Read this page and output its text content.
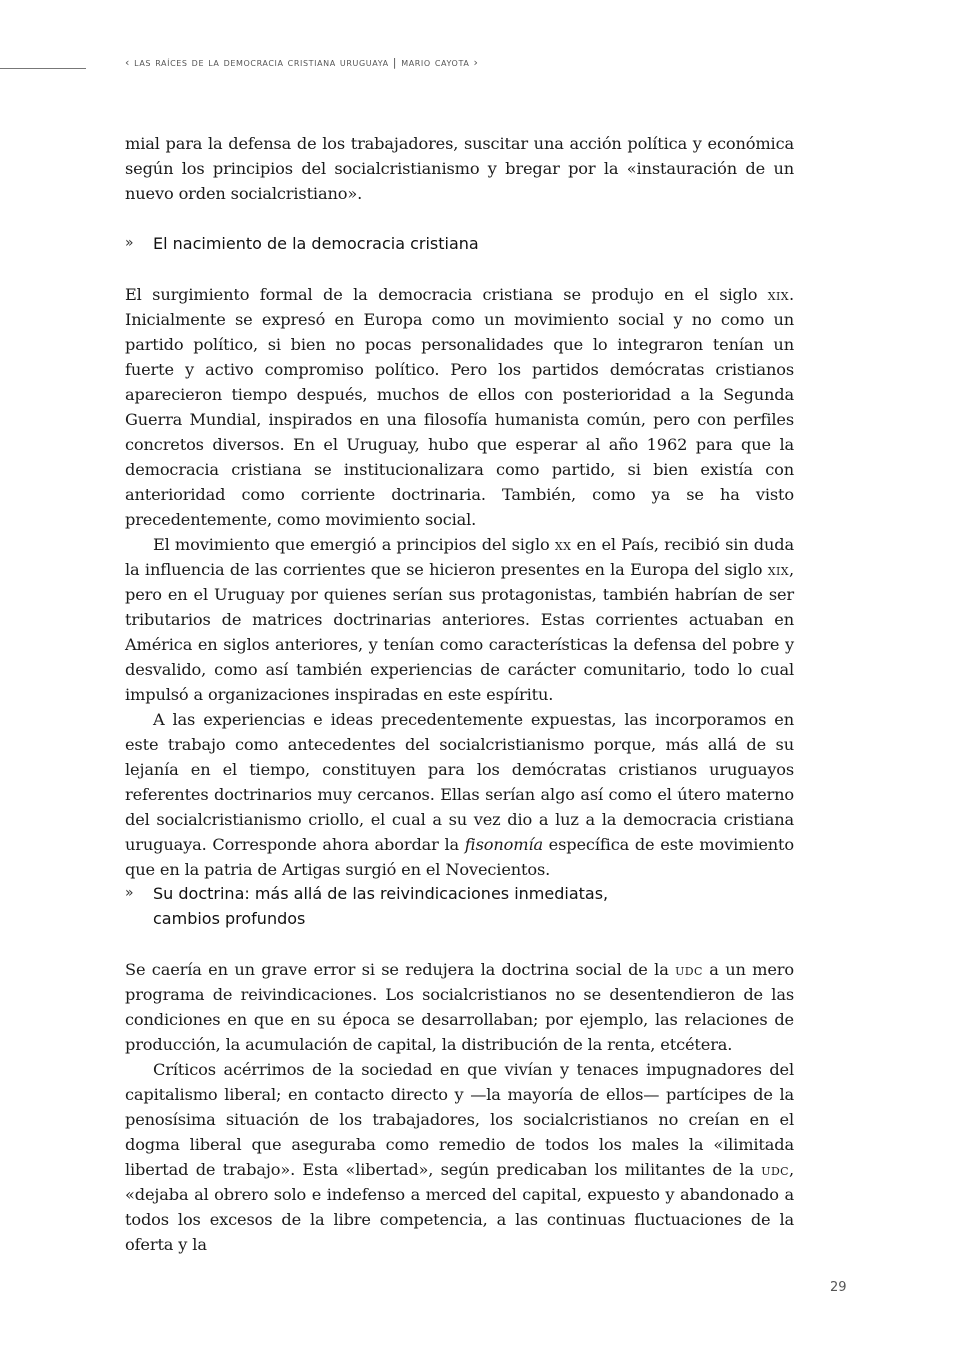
‹ las raíces de la democracia cristiana uruguaya | mario cayota ›

mial para la defensa de los trabajadores, suscitar una acción política y económica según los principios del socialcristianismo y bregar por la «instauración de un nuevo orden socialcristiano».

» El nacimiento de la democracia cristiana

El surgimiento formal de la democracia cristiana se produjo en el siglo xix. Inicialmente se expresó en Europa como un movimiento social y no como un partido político, si bien no pocas personalidades que lo integraron tenían un fuerte y activo compromiso político. Pero los partidos demócratas cristianos aparecieron tiempo después, muchos de ellos con posterioridad a la Segunda Guerra Mundial, inspirados en una filosofía humanista común, pero con perfiles concretos diversos. En el Uruguay, hubo que esperar al año 1962 para que la democracia cristiana se institucionalizara como partido, si bien existía con anterioridad como corriente doctrinaria. También, como ya se ha visto precedentemente, como movimiento social.

El movimiento que emergió a principios del siglo xx en el País, recibió sin duda la influencia de las corrientes que se hicieron presentes en la Europa del siglo xix, pero en el Uruguay por quienes serían sus protagonistas, también habrían de ser tributarios de matrices doctrinarias anteriores. Estas corrientes actuaban en América en siglos anteriores, y tenían como características la defensa del pobre y desvalido, como así también experiencias de carácter comunitario, todo lo cual impulsó a organizaciones inspiradas en este espíritu.

A las experiencias e ideas precedentemente expuestas, las incorporamos en este trabajo como antecedentes del socialcristianismo porque, más allá de su lejanía en el tiempo, constituyen para los demócratas cristianos uruguayos referentes doctrinarios muy cercanos. Ellas serían algo así como el útero materno del socialcristianismo criollo, el cual a su vez dio a luz a la democracia cristiana uruguaya. Corresponde ahora abordar la fisonomía específica de este movimiento que en la patria de Artigas surgió en el Novecientos.

» Su doctrina: más allá de las reivindicaciones inmediatas,
cambios profundos

Se caería en un grave error si se redujera la doctrina social de la udc a un mero programa de reivindicaciones. Los socialcristianos no se desentendieron de las condiciones en que en su época se desarrollaban; por ejemplo, las relaciones de producción, la acumulación de capital, la distribución de la renta, etcétera.

Críticos acérrimos de la sociedad en que vivían y tenaces impugnadores del capitalismo liberal; en contacto directo y —la mayoría de ellos— partícipes de la penosísima situación de los trabajadores, los socialcristianos no creían en el dogma liberal que aseguraba como remedio de todos los males la «ilimitada libertad de trabajo». Esta «libertad», según predicaban los militantes de la udc, «dejaba al obrero solo e indefenso a merced del capital, expuesto y abandonado a todos los excesos de la libre competencia, a las continuas fluctuaciones de la oferta y la

29
